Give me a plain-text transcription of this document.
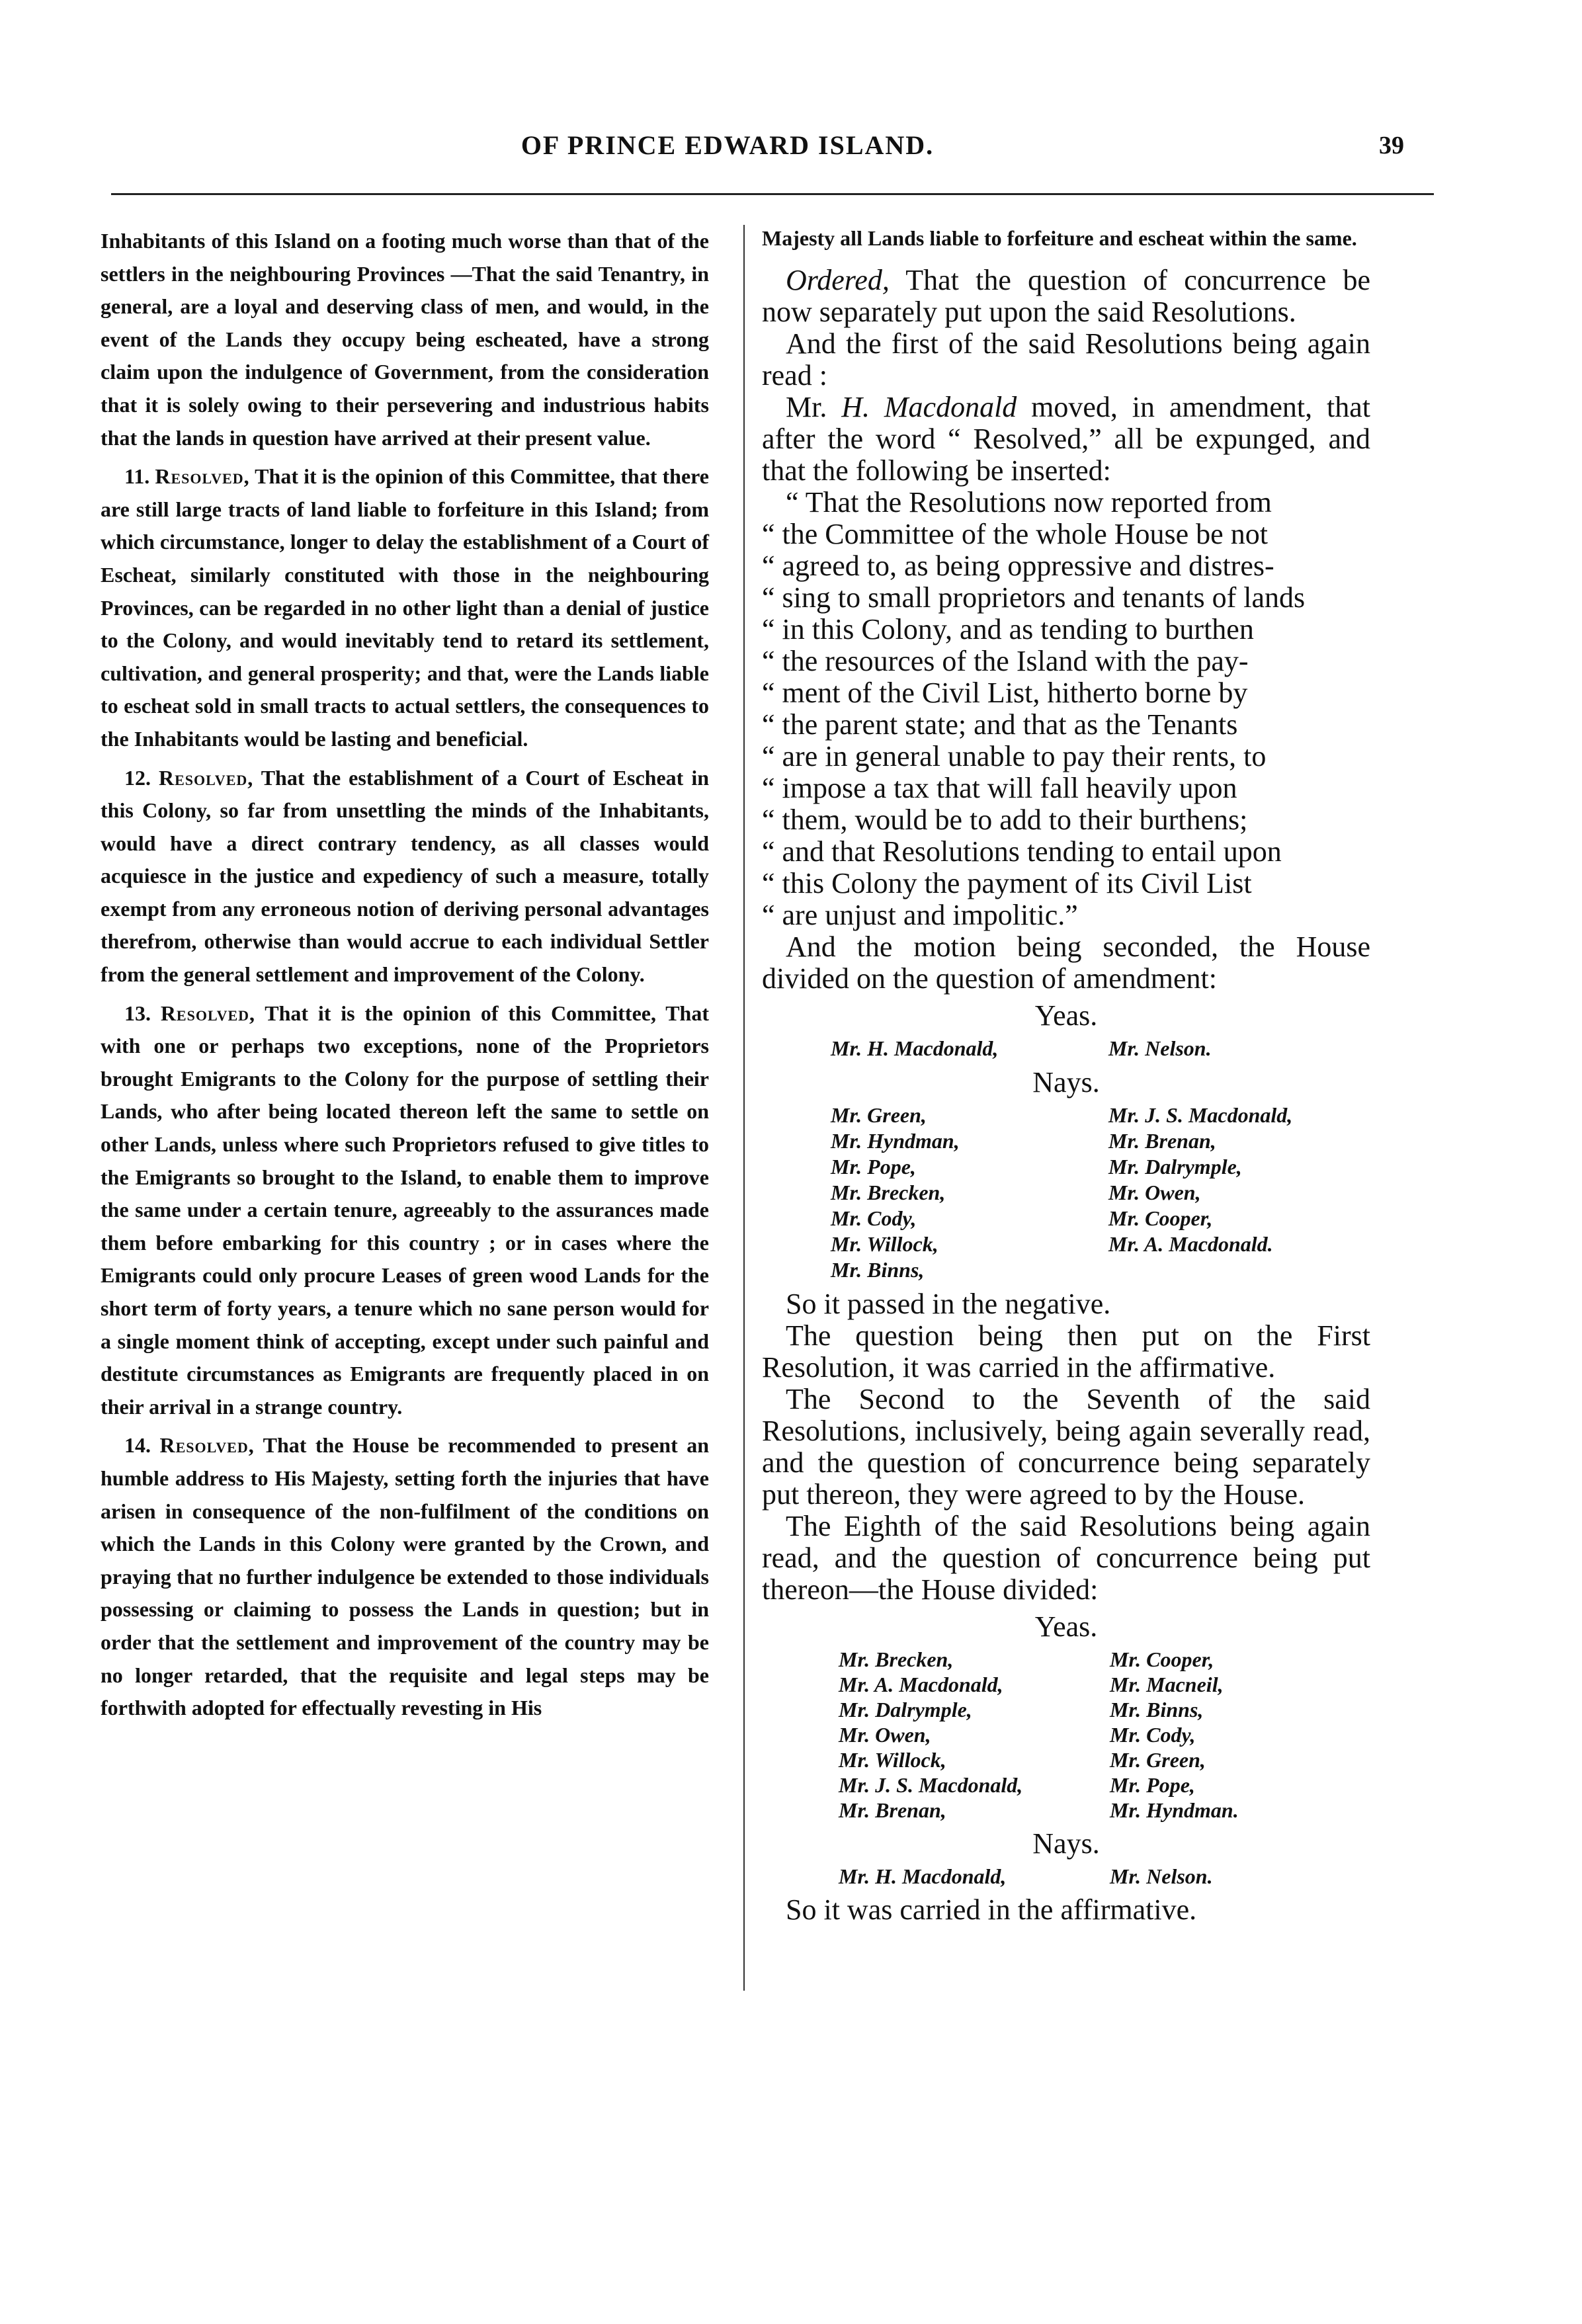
OF PRINCE EDWARD ISLAND.	39

Inhabitants of this Island on a footing much worse than that of the settlers in the neighbouring Provinces —That the said Tenantry, in general, are a loyal and deserving class of men, and would, in the event of the Lands they occupy being escheated, have a strong claim upon the indulgence of Government, from the consideration that it is solely owing to their persevering and industrious habits that the lands in question have arrived at their present value.

11. Resolved, That it is the opinion of this Committee, that there are still large tracts of land liable to forfeiture in this Island; from which circumstance, longer to delay the establishment of a Court of Escheat, similarly constituted with those in the neighbouring Provinces, can be regarded in no other light than a denial of justice to the Colony, and would inevitably tend to retard its settlement, cultivation, and general prosperity; and that, were the Lands liable to escheat sold in small tracts to actual settlers, the consequences to the Inhabitants would be lasting and beneficial.

12. Resolved, That the establishment of a Court of Escheat in this Colony, so far from unsettling the minds of the Inhabitants, would have a direct contrary tendency, as all classes would acquiesce in the justice and expediency of such a measure, totally exempt from any erroneous notion of deriving personal advantages therefrom, otherwise than would accrue to each individual Settler from the general settlement and improvement of the Colony.

13. Resolved, That it is the opinion of this Committee, That with one or perhaps two exceptions, none of the Proprietors brought Emigrants to the Colony for the purpose of settling their Lands, who after being located thereon left the same to settle on other Lands, unless where such Proprietors refused to give titles to the Emigrants so brought to the Island, to enable them to improve the same under a certain tenure, agreeably to the assurances made them before embarking for this country ; or in cases where the Emigrants could only procure Leases of green wood Lands for the short term of forty years, a tenure which no sane person would for a single moment think of accepting, except under such painful and destitute circumstances as Emigrants are frequently placed in on their arrival in a strange country.

14. Resolved, That the House be recommended to present an humble address to His Majesty, setting forth the injuries that have arisen in consequence of the non-fulfilment of the conditions on which the Lands in this Colony were granted by the Crown, and praying that no further indulgence be extended to those individuals possessing or claiming to possess the Lands in question; but in order that the settlement and improvement of the country may be no longer retarded, that the requisite and legal steps may be forthwith adopted for effectually revesting in His

Majesty all Lands liable to forfeiture and escheat within the same.

Ordered, That the question of concurrence be now separately put upon the said Resolutions.

And the first of the said Resolutions being again read :

Mr. H. Macdonald moved, in amendment, that after the word “ Resolved,” all be expunged, and that the following be inserted:

“ That the Resolutions now reported from

“ the Committee of the whole House be not

“ agreed to, as being oppressive and distres-

“ sing to small proprietors and tenants of lands

“ in this Colony, and as tending to burthen

“ the resources of the Island with the pay-

“ ment of the Civil List, hitherto borne by

“ the parent state; and that as the Tenants

“ are in general unable to pay their rents, to

“ impose a tax that will fall heavily upon

“ them, would be to add to their burthens;

“ and that Resolutions tending to entail upon

“ this Colony the payment of its Civil List

“ are unjust and impolitic.”

And the motion being seconded, the House divided on the question of amendment:

Yeas.
Mr. H. Macdonald,	Mr. Nelson.
Nays.
Mr. Green,	Mr. J. S. Macdonald,
Mr. Hyndman,	Mr. Brenan,
Mr. Pope,	Mr. Dalrymple,
Mr. Brecken,	Mr. Owen,
Mr. Cody,	Mr. Cooper,
Mr. Willock,	Mr. A. Macdonald.
Mr. Binns,

So it passed in the negative.

The question being then put on the First Resolution, it was carried in the affirmative.

The Second to the Seventh of the said Resolutions, inclusively, being again severally read, and the question of concurrence being separately put thereon, they were agreed to by the House.

The Eighth of the said Resolutions being again read, and the question of concurrence being put thereon—the House divided:

Yeas.
Mr. Brecken,	Mr. Cooper,
Mr. A. Macdonald,	Mr. Macneil,
Mr. Dalrymple,	Mr. Binns,
Mr. Owen,	Mr. Cody,
Mr. Willock,	Mr. Green,
Mr. J. S. Macdonald,	Mr. Pope,
Mr. Brenan,	Mr. Hyndman.
Nays.
Mr. H. Macdonald,	Mr. Nelson.

So it was carried in the affirmative.
